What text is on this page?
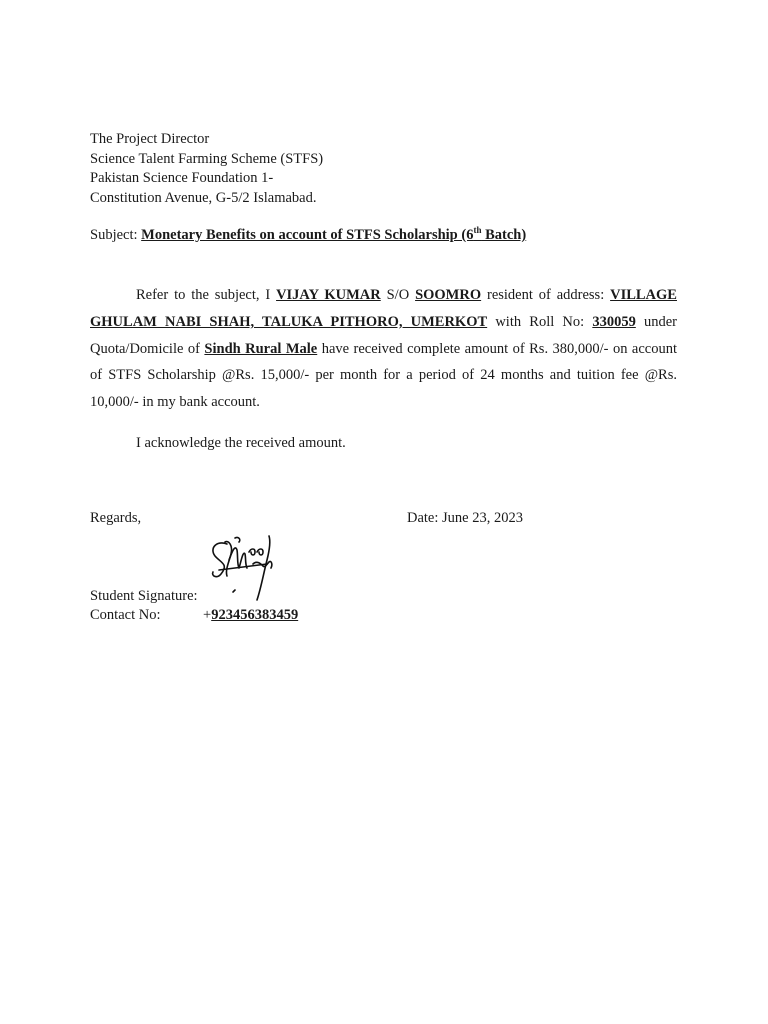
The Project Director
Science Talent Farming Scheme (STFS)
Pakistan Science Foundation 1-
Constitution Avenue, G-5/2 Islamabad.
Subject: Monetary Benefits on account of STFS Scholarship (6th Batch)
Refer to the subject, I VIJAY KUMAR S/O SOOMRO resident of address: VILLAGE GHULAM NABI SHAH, TALUKA PITHORO, UMERKOT with Roll No: 330059 under Quota/Domicile of Sindh Rural Male have received complete amount of Rs. 380,000/- on account of STFS Scholarship @Rs. 15,000/- per month for a period of 24 months and tuition fee @Rs. 10,000/- in my bank account.
I acknowledge the received amount.
Regards,	Date: June 23, 2023
Student Signature:
Contact No:	+923456383459
